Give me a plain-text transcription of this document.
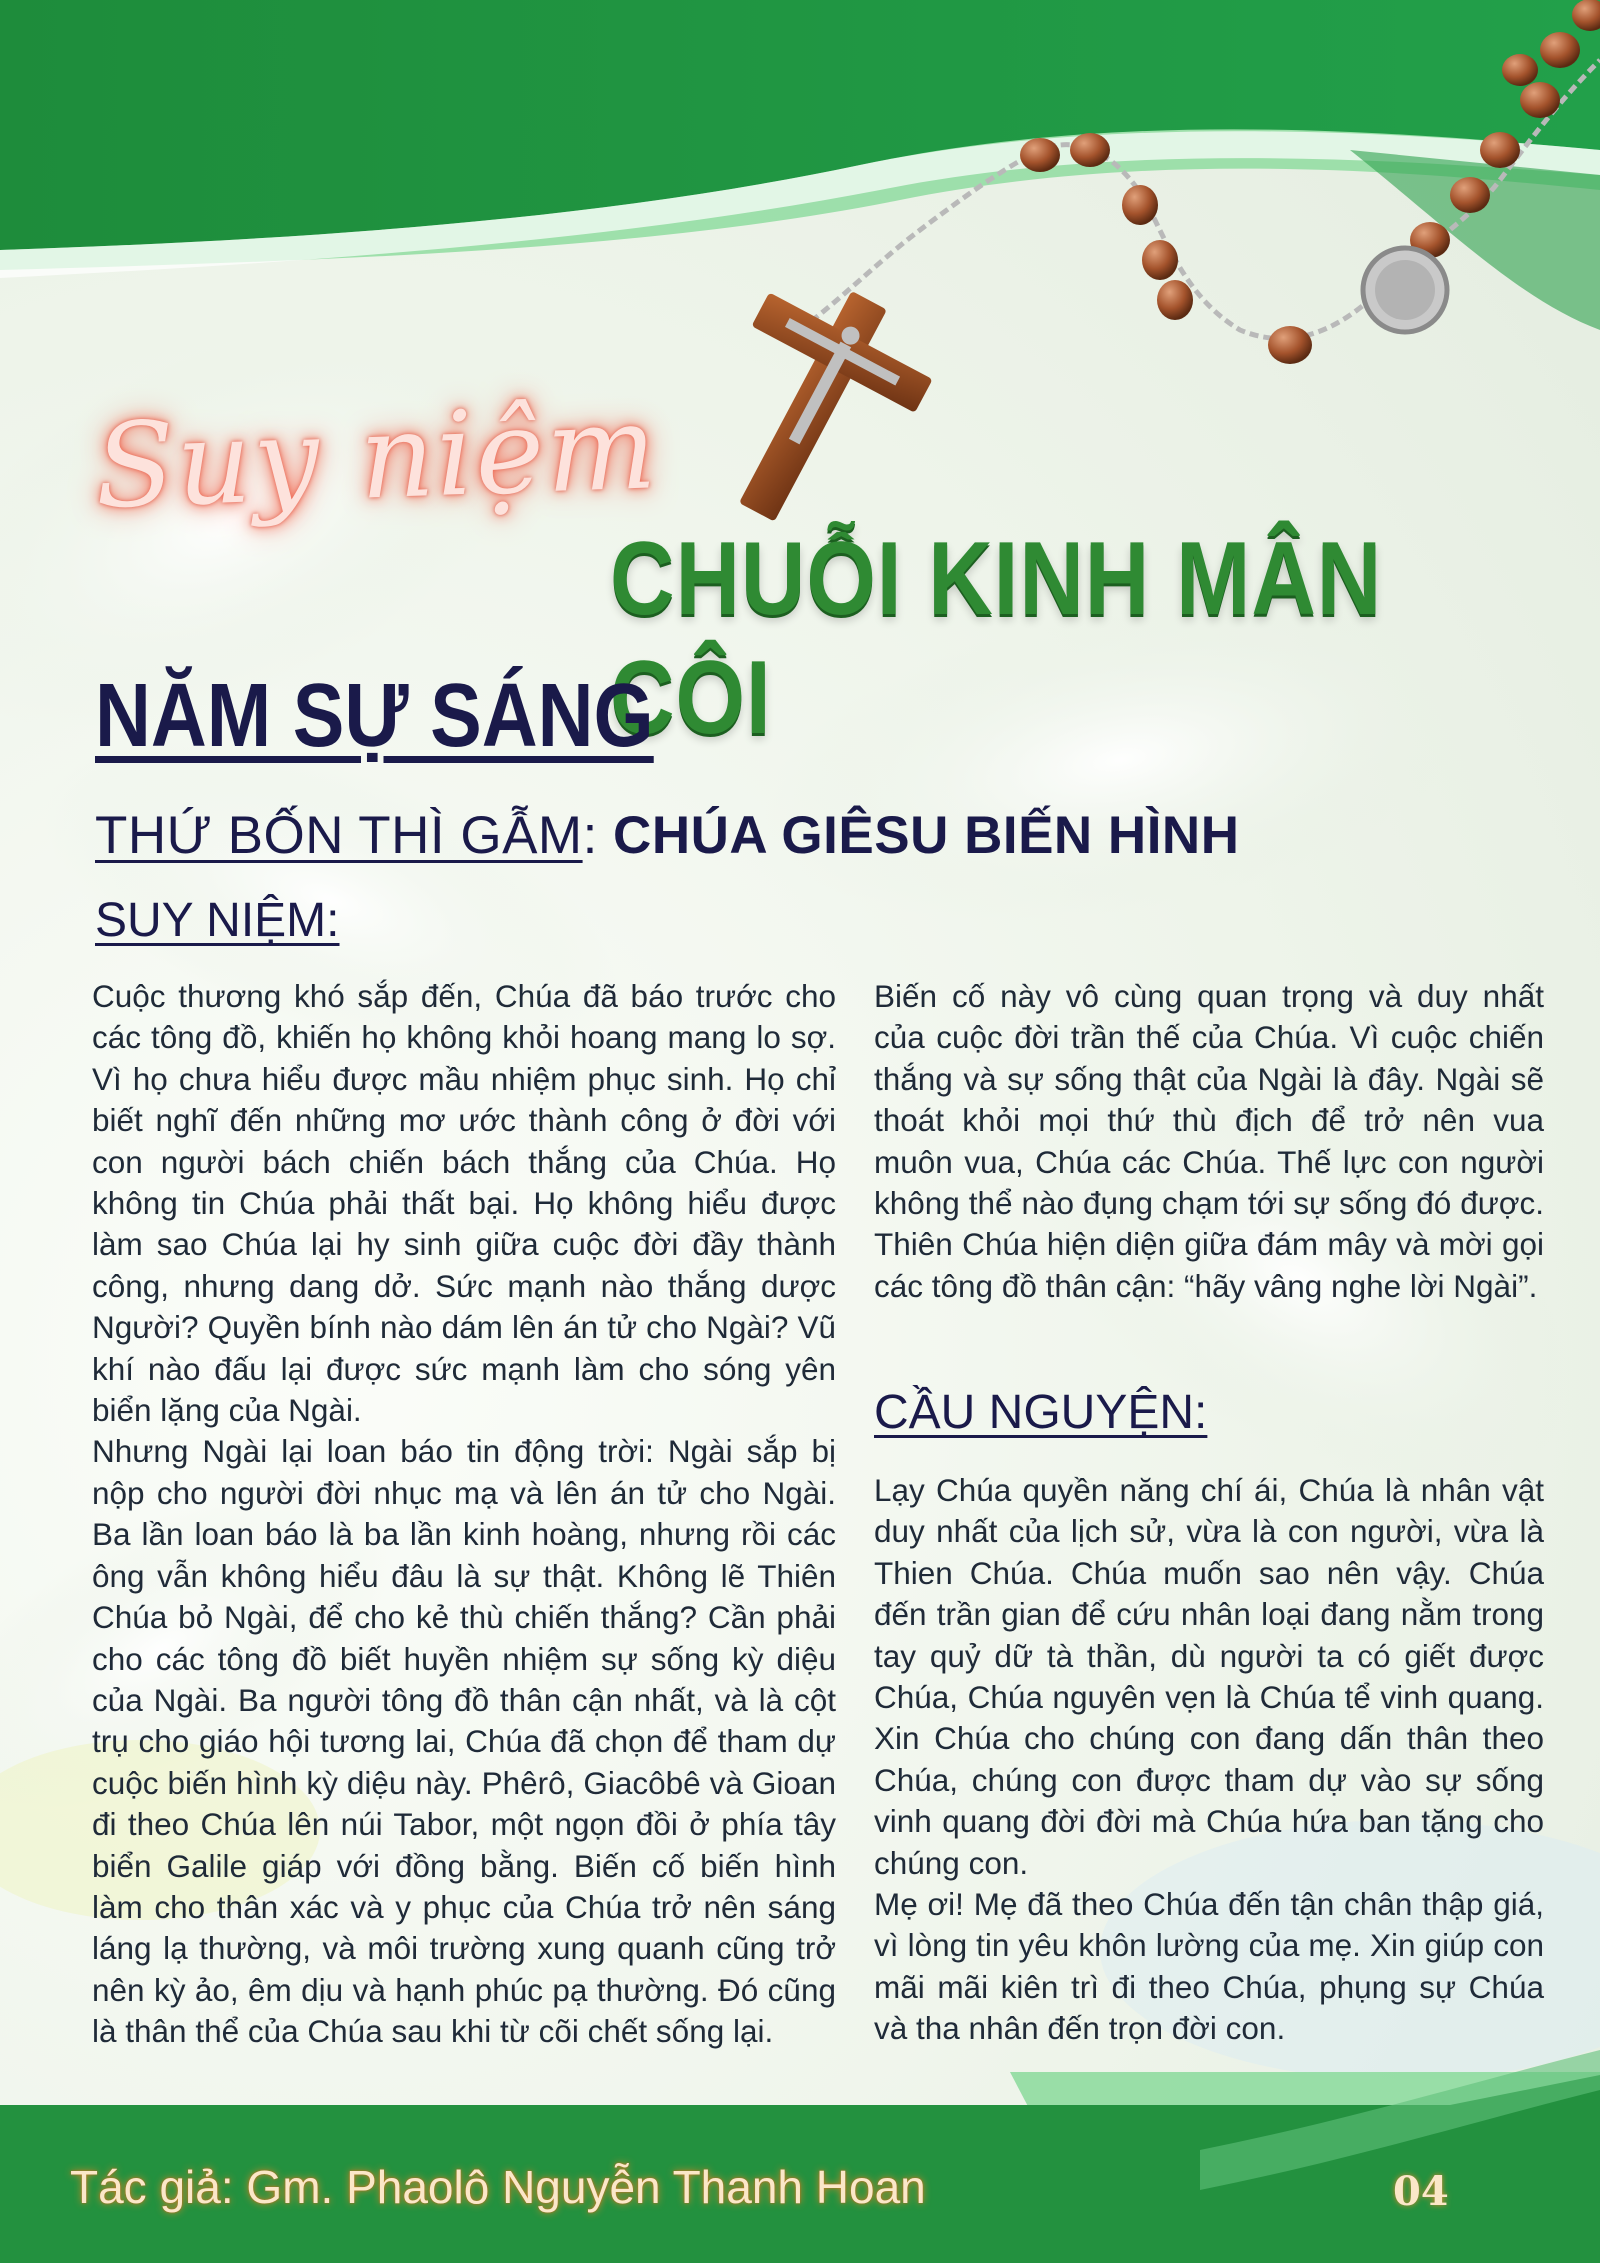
Suy niệm
CHUỖI KINH MÂN CÔI
NĂM SỰ SÁNG
THỨ BỐN THÌ GẪM: CHÚA GIÊSU BIẾN HÌNH
SUY NIỆM:

Cuộc thương khó sắp đến, Chúa đã báo trước cho các tông đồ, khiến họ không khỏi hoang mang lo sợ. Vì họ chưa hiểu được mầu nhiệm phục sinh. Họ chỉ biết nghĩ đến những mơ ước thành công ở đời với con người bách chiến bách thắng của Chúa. Họ không tin Chúa phải thất bại. Họ không hiểu được làm sao Chúa lại hy sinh giữa cuộc đời đầy thành công, nhưng dang dở. Sức mạnh nào thắng dược Người? Quyền bính nào dám lên án tử cho Ngài? Vũ khí nào đấu lại được sức mạnh làm cho sóng yên biển lặng của Ngài.

Nhưng Ngài lại loan báo tin động trời: Ngài sắp bị nộp cho người đời nhục mạ và lên án tử cho Ngài. Ba lần loan báo là ba lần kinh hoàng, nhưng rồi các ông vẫn không hiểu đâu là sự thật. Không lẽ Thiên Chúa bỏ Ngài, để cho kẻ thù chiến thắng? Cần phải cho các tông đồ biết huyền nhiệm sự sống kỳ diệu của Ngài. Ba người tông đồ thân cận nhất, và là cột trụ cho giáo hội tương lai, Chúa đã chọn để tham dự cuộc biến hình kỳ diệu này. Phêrô, Giacôbê và Gioan đi theo Chúa lên núi Tabor, một ngọn đồi ở phía tây biển Galile giáp với đồng bằng. Biến cố biến hình làm cho thân xác và y phục của Chúa trở nên sáng láng lạ thường, và môi trường xung quanh cũng trở nên kỳ ảo, êm dịu và hạnh phúc pạ thường. Đó cũng là thân thể của Chúa sau khi từ cõi chết sống lại.

Biến cố này vô cùng quan trọng và duy nhất của cuộc đời trần thế của Chúa. Vì cuộc chiến thắng và sự sống thật của Ngài là đây. Ngài sẽ thoát khỏi mọi thứ thù địch để trở nên vua muôn vua, Chúa các Chúa. Thế lực con người không thể nào đụng chạm tới sự sống đó được. Thiên Chúa hiện diện giữa đám mây và mời gọi các tông đồ thân cận: “hãy vâng nghe lời Ngài”.

CẦU NGUYỆN:

Lạy Chúa quyền năng chí ái, Chúa là nhân vật duy nhất của lịch sử, vừa là con người, vừa là Thien Chúa. Chúa muốn sao nên vậy. Chúa đến trần gian để cứu nhân loại đang nằm trong tay quỷ dữ tà thần, dù người ta có giết được Chúa, Chúa nguyên vẹn là Chúa tể vinh quang. Xin Chúa cho chúng con đang dấn thân theo Chúa, chúng con được tham dự vào sự sống vinh quang đời đời mà Chúa hứa ban tặng cho chúng con.

Mẹ ơi! Mẹ đã theo Chúa đến tận chân thập giá, vì lòng tin yêu khôn lường của mẹ. Xin giúp con mãi mãi kiên trì đi theo Chúa, phụng sự Chúa và tha nhân đến trọn đời con.

Tác giả: Gm. Phaolô Nguyễn Thanh Hoan	04
